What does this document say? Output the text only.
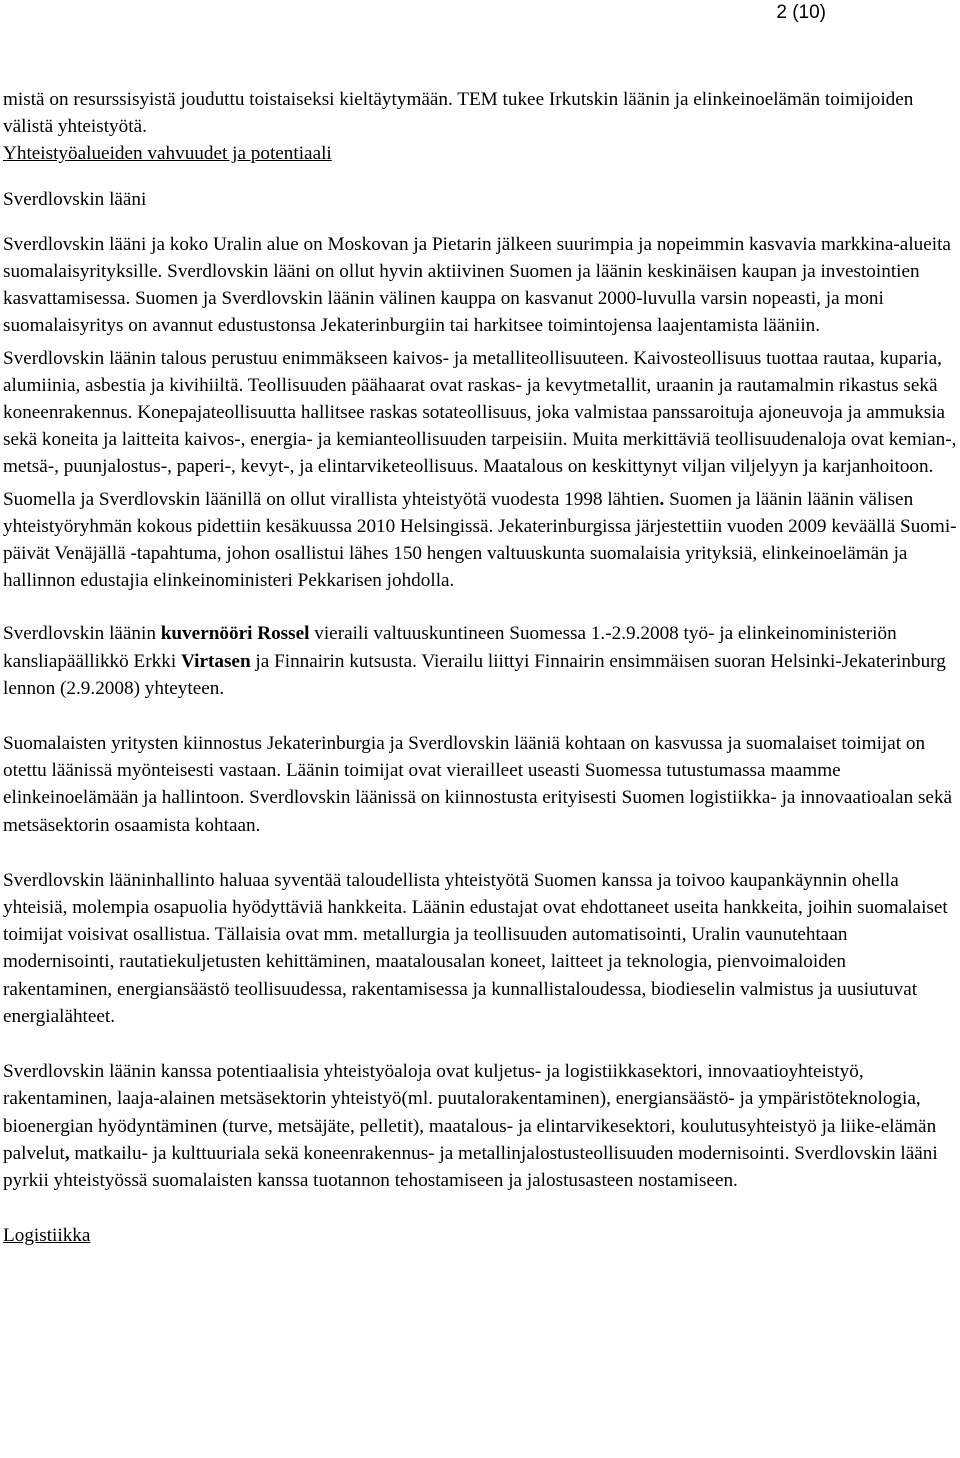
2 (10)

mistä on resurssisyistä jouduttu toistaiseksi kieltäytymään. TEM tukee Irkutskin läänin ja elinkeinoelämän toimijoiden välistä yhteistyötä.

Yhteistyöalueiden vahvuudet ja potentiaali

Sverdlovskin lääni

Sverdlovskin lääni ja koko Uralin alue on Moskovan ja Pietarin jälkeen suurimpia ja nopeimmin kasvavia markkina-alueita suomalaisyrityksille. Sverdlovskin lääni on ollut hyvin aktiivinen Suomen ja läänin keskinäisen kaupan ja investointien kasvattamisessa. Suomen ja Sverdlovskin läänin välinen kauppa on kasvanut 2000-luvulla varsin nopeasti, ja moni suomalaisyritys on avannut edustustonsa Jekaterinburgiin tai harkitsee toimintojensa laajentamista lääniin.

Sverdlovskin läänin talous perustuu enimmäkseen kaivos- ja metalliteollisuuteen. Kaivosteollisuus tuottaa rautaa, kuparia, alumiinia, asbestia ja kivihiiltä. Teollisuuden päähaarat ovat raskas- ja kevytmetallit, uraanin ja rautamalmin rikastus sekä koneenrakennus. Konepajateollisuutta hallitsee raskas sotateollisuus, joka valmistaa panssaroituja ajoneuvoja ja ammuksia sekä koneita ja laitteita kaivos-, energia- ja kemianteollisuuden tarpeisiin. Muita merkittäviä teollisuudenaloja ovat kemian-, metsä-, puunjalostus-, paperi-, kevyt-, ja elintarviketeollisuus. Maatalous on keskittynyt viljan viljelyyn ja karjanhoitoon.

Suomella ja Sverdlovskin läänillä on ollut virallista yhteistyötä vuodesta 1998 lähtien. Suomen ja läänin läänin välisen yhteistyöryhmän kokous pidettiin kesäkuussa 2010 Helsingissä. Jekaterinburgissa järjestettiin vuoden 2009 keväällä Suomi-päivät Venäjällä -tapahtuma, johon osallistui lähes 150 hengen valtuuskunta suomalaisia yrityksiä, elinkeinoelämän ja hallinnon edustajia elinkeinoministeri Pekkarisen johdolla.

Sverdlovskin läänin kuvernööri Rossel vieraili valtuuskuntineen Suomessa 1.-2.9.2008 työ- ja elinkeinoministeriön kansliapäällikkö Erkki Virtasen ja Finnairin kutsusta. Vierailu liittyi Finnairin ensimmäisen suoran Helsinki-Jekaterinburg lennon (2.9.2008) yhteyteen.

Suomalaisten yritysten kiinnostus Jekaterinburgia ja Sverdlovskin lääniä kohtaan on kasvussa ja suomalaiset toimijat on otettu läänissä myönteisesti vastaan. Läänin toimijat ovat vierailleet useasti Suomessa tutustumassa maamme elinkeinoelämään ja hallintoon. Sverdlovskin läänissä on kiinnostusta erityisesti Suomen logistiikka- ja innovaatioalan sekä metsäsektorin osaamista kohtaan.

Sverdlovskin lääninhallinto haluaa syventää taloudellista yhteistyötä Suomen kanssa ja toivoo kaupankäynnin ohella yhteisiä, molempia osapuolia hyödyttäviä hankkeita. Läänin edustajat ovat ehdottaneet useita hankkeita, joihin suomalaiset toimijat voisivat osallistua. Tällaisia ovat mm. metallurgia ja teollisuuden automatisointi, Uralin vaunutehtaan modernisointi, rautatiekuljetusten kehittäminen, maatalousalan koneet, laitteet ja teknologia, pienvoimaloiden rakentaminen, energiansäästö teollisuudessa, rakentamisessa ja kunnallistaloudessa, biodieselin valmistus ja uusiutuvat energialähteet.

Sverdlovskin läänin kanssa potentiaalisia yhteistyöaloja ovat kuljetus- ja logistiikkasektori, innovaatioyhteistyö, rakentaminen, laaja-alainen metsäsektorin yhteistyö(ml. puutalorakentaminen), energiansäästö- ja ympäristöteknologia, bioenergian hyödyntäminen (turve, metsäjäte, pelletit), maatalous- ja elintarvikesektori, koulutusyhteistyö ja liike-elämän palvelut, matkailu- ja kulttuuriala sekä koneenrakennus- ja metallinjalostusteollisuuden modernisointi. Sverdlovskin lääni pyrkii yhteistyössä suomalaisten kanssa tuotannon tehostamiseen ja jalostusasteen nostamiseen.

Logistiikka
